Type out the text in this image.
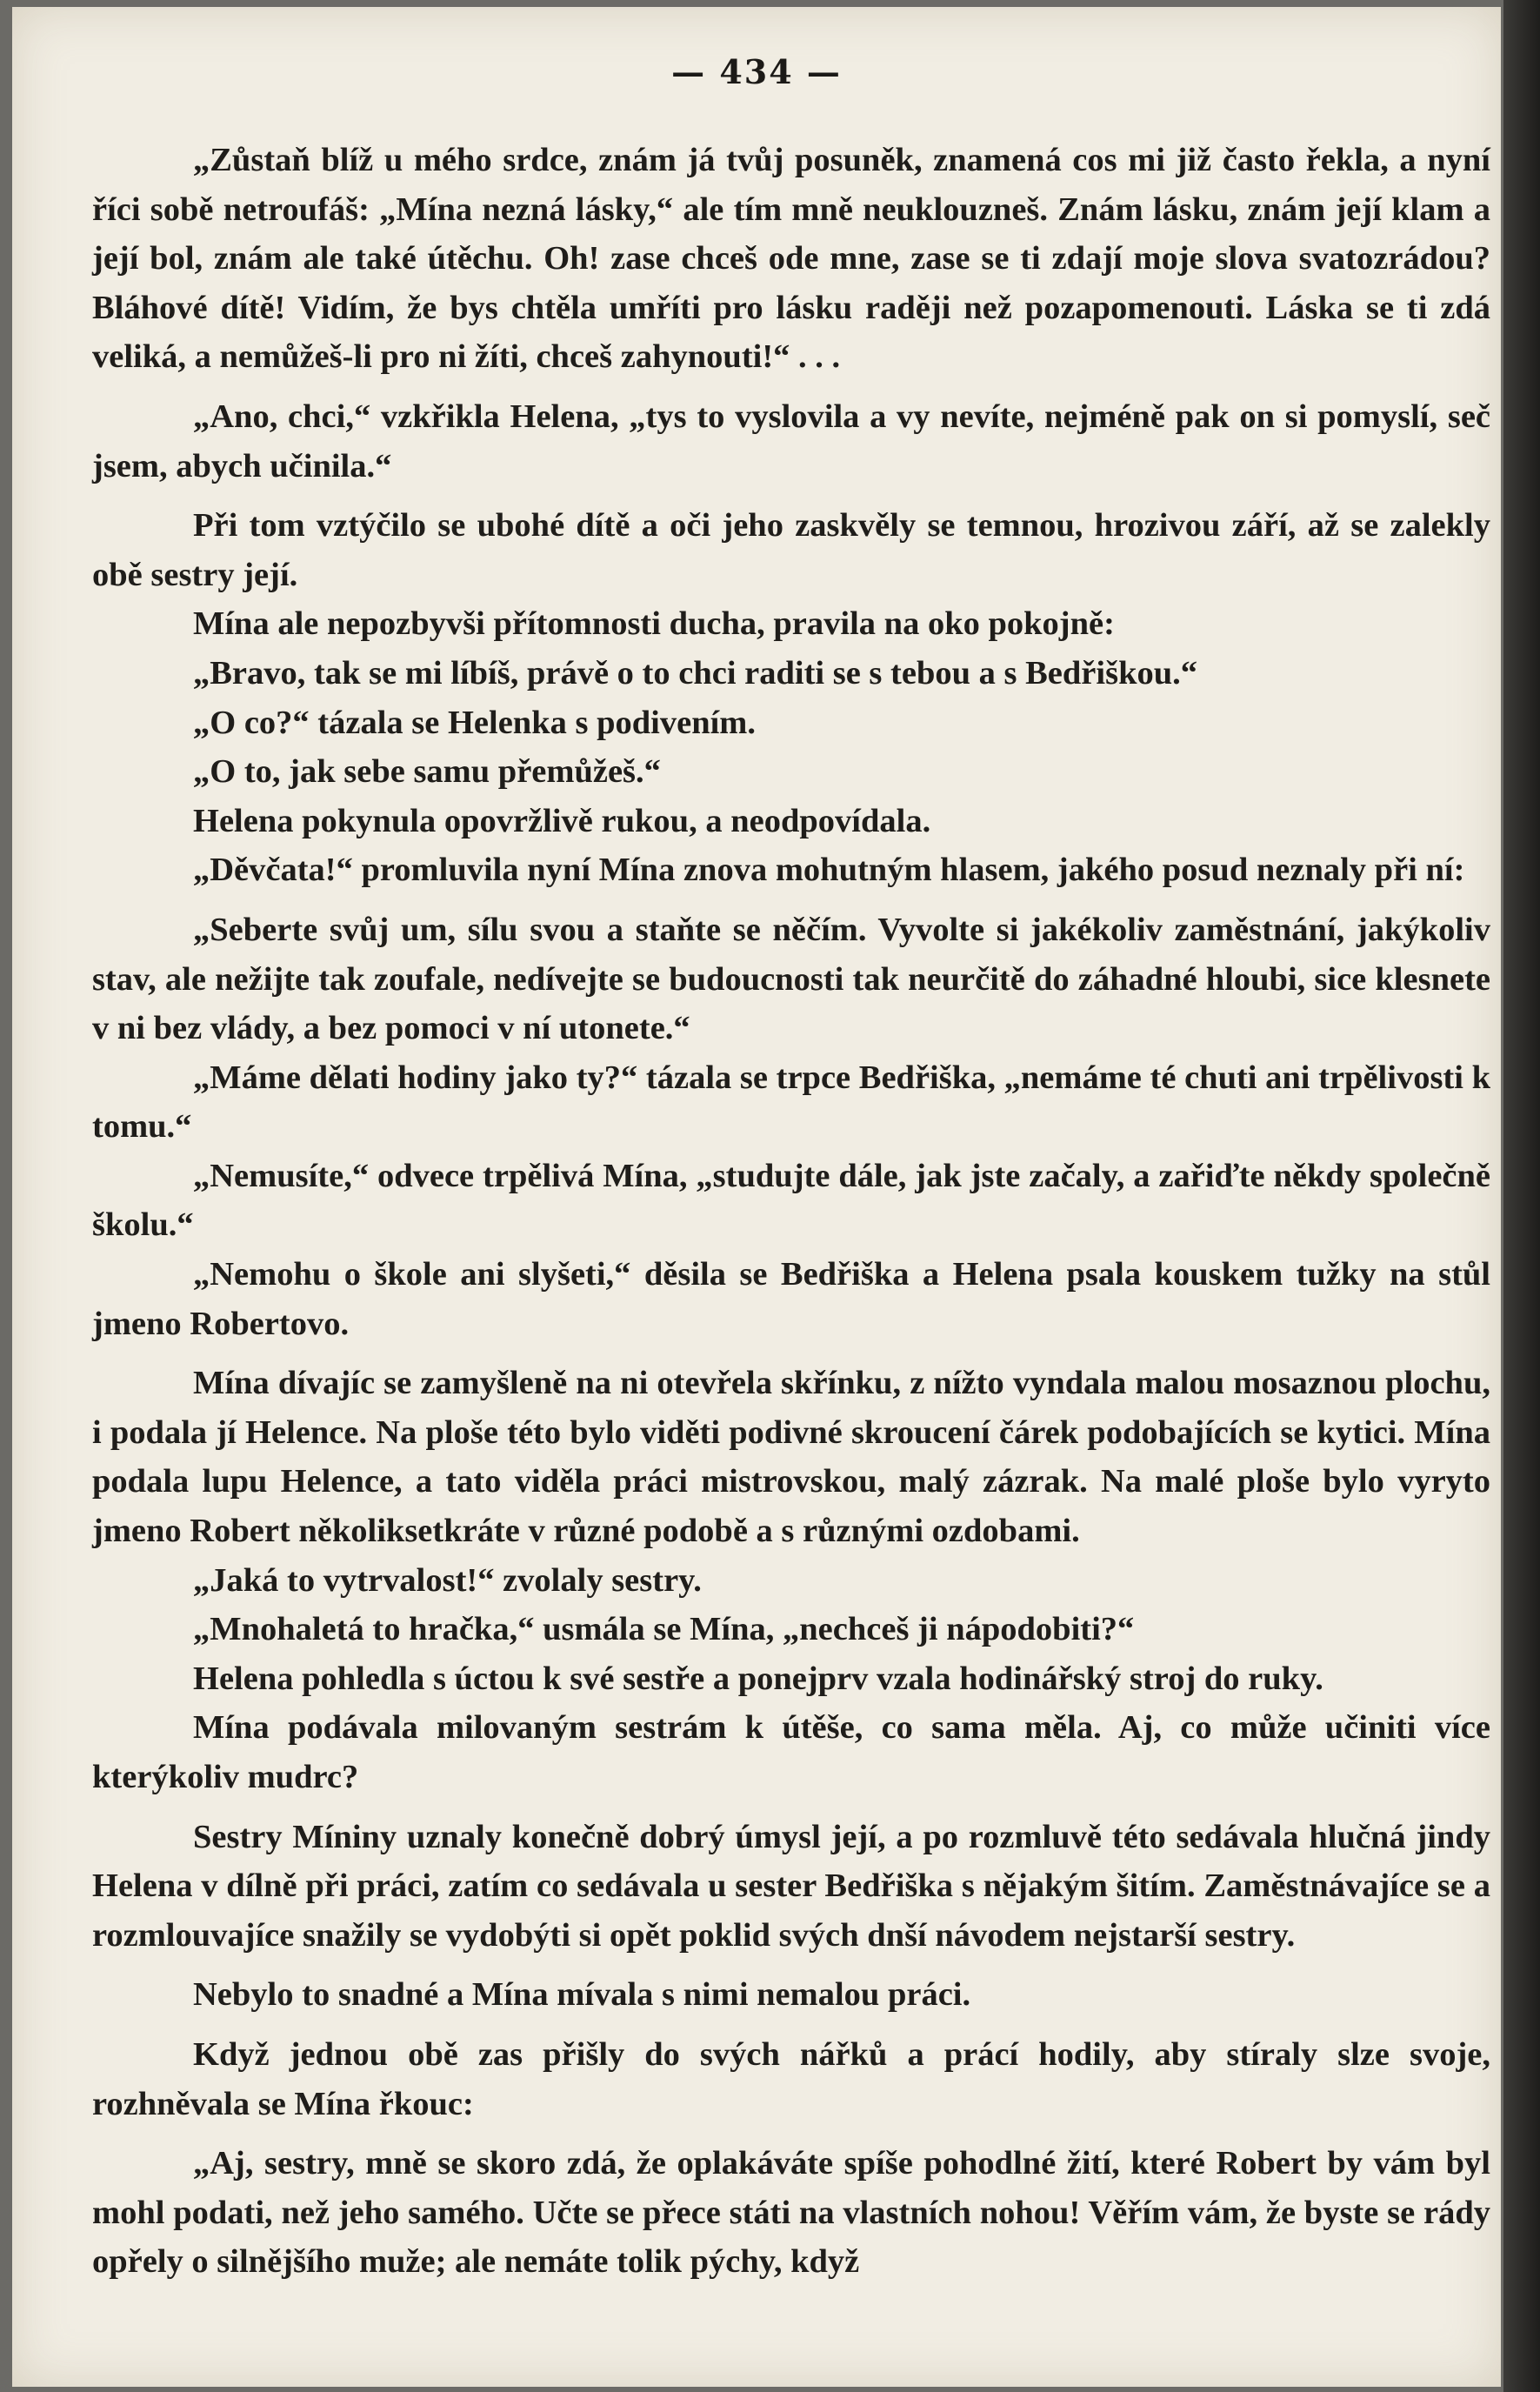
— 434 —

„Zůstaň blíž u mého srdce, znám já tvůj posuněk, znamená cos mi již často řekla, a nyní říci sobě netroufáš: „Mína nezná lásky,“ ale tím mně neuklouzneš. Znám lásku, znám její klam a její bol, znám ale také útěchu. Oh! zase chceš ode mne, zase se ti zdají moje slova svatozrádou? Bláhové dítě! Vidím, že bys chtěla umříti pro lásku raději než pozapomenouti. Láska se ti zdá veliká, a nemůžeš-li pro ni žíti, chceš zahynouti!“ . . .

„Ano, chci,“ vzkřikla Helena, „tys to vyslovila a vy nevíte, nejméně pak on si pomyslí, seč jsem, abych učinila.“

Při tom vztýčilo se ubohé dítě a oči jeho zaskvěly se temnou, hrozivou září, až se zalekly obě sestry její.

Mína ale nepozbyvši přítomnosti ducha, pravila na oko pokojně:

„Bravo, tak se mi líbíš, právě o to chci raditi se s tebou a s Bedřiškou.“

„O co?“ tázala se Helenka s podivením.

„O to, jak sebe samu přemůžeš.“

Helena pokynula opovržlivě rukou, a neodpovídala.

„Děvčata!“ promluvila nyní Mína znova mohutným hlasem, jakého posud neznaly při ní:

„Seberte svůj um, sílu svou a staňte se něčím. Vyvolte si jakékoliv zaměstnání, jakýkoliv stav, ale nežijte tak zoufale, nedívejte se budoucnosti tak neurčitě do záhadné hloubi, sice klesnete v ni bez vlády, a bez pomoci v ní utonete.“

„Máme dělati hodiny jako ty?“ tázala se trpce Bedřiška, „nemáme té chuti ani trpělivosti k tomu.“

„Nemusíte,“ odvece trpělivá Mína, „studujte dále, jak jste začaly, a zařiďte někdy společně školu.“

„Nemohu o škole ani slyšeti,“ děsila se Bedřiška a Helena psala kouskem tužky na stůl jmeno Robertovo.

Mína dívajíc se zamyšleně na ni otevřela skřínku, z nížto vyndala malou mosaznou plochu, i podala jí Helence. Na ploše této bylo viděti podivné skroucení čárek podobajících se kytici. Mína podala lupu Helence, a tato viděla práci mistrovskou, malý zázrak. Na malé ploše bylo vyryto jmeno Robert několiksetkráte v různé podobě a s různými ozdobami.

„Jaká to vytrvalost!“ zvolaly sestry.

„Mnohaletá to hračka,“ usmála se Mína, „nechceš ji nápodobiti?“

Helena pohledla s úctou k své sestře a ponejprv vzala hodinářský stroj do ruky.

Mína podávala milovaným sestrám k útěše, co sama měla. Aj, co může učiniti více kterýkoliv mudrc?

Sestry Míniny uznaly konečně dobrý úmysl její, a po rozmluvě této sedávala hlučná jindy Helena v dílně při práci, zatím co sedávala u sester Bedřiška s nějakým šitím. Zaměstnávajíce se a rozmlouvajíce snažily se vydobýti si opět poklid svých dnší návodem nejstarší sestry.

Nebylo to snadné a Mína mívala s nimi nemalou práci.

Když jednou obě zas přišly do svých nářků a prácí hodily, aby stíraly slze svoje, rozhněvala se Mína řkouc:

„Aj, sestry, mně se skoro zdá, že oplakáváte spíše pohodlné žití, které Robert by vám byl mohl podati, než jeho samého. Učte se přece státi na vlastních nohou! Věřím vám, že byste se rády opřely o silnějšího muže; ale nemáte tolik pýchy, když
